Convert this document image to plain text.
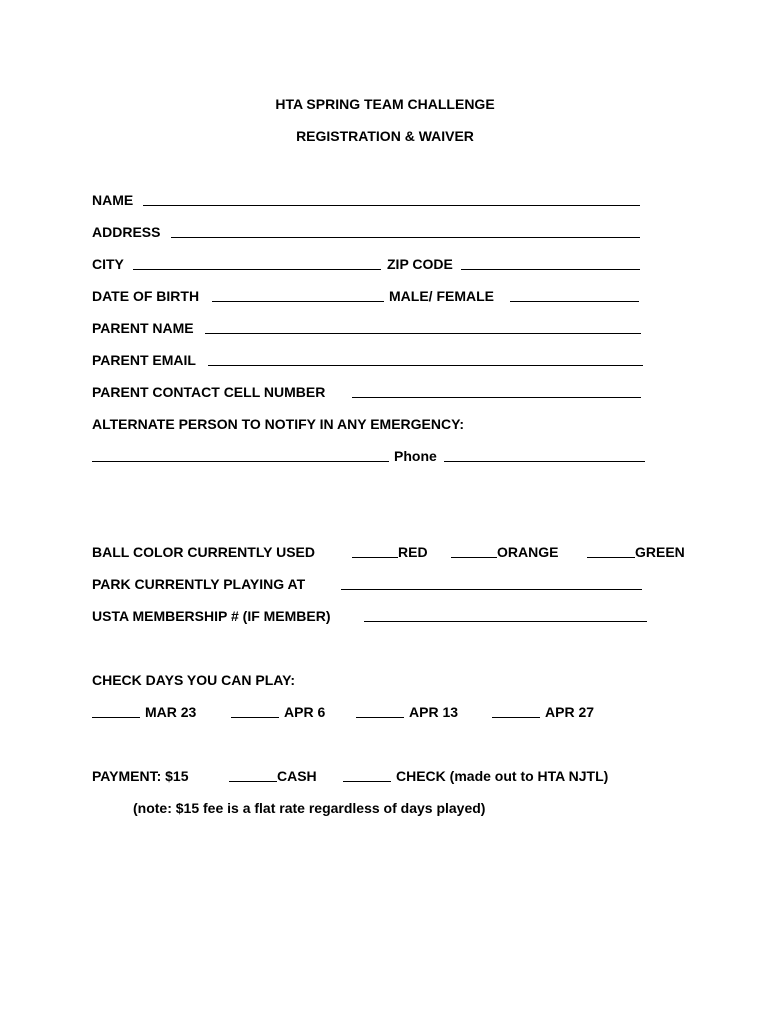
HTA SPRING TEAM CHALLENGE
REGISTRATION & WAIVER
NAME
ADDRESS
CITY	ZIP CODE
DATE OF BIRTH	MALE/ FEMALE
PARENT NAME
PARENT EMAIL
PARENT CONTACT CELL NUMBER
ALTERNATE PERSON TO NOTIFY IN ANY EMERGENCY:
Phone
BALL COLOR CURRENTLY USED	RED	ORANGE	GREEN
PARK CURRENTLY PLAYING AT
USTA MEMBERSHIP # (IF MEMBER)
CHECK DAYS YOU CAN PLAY:
MAR 23	APR 6	APR 13	APR 27
PAYMENT: $15	CASH	CHECK (made out to HTA NJTL)
(note: $15 fee is a flat rate regardless of days played)
